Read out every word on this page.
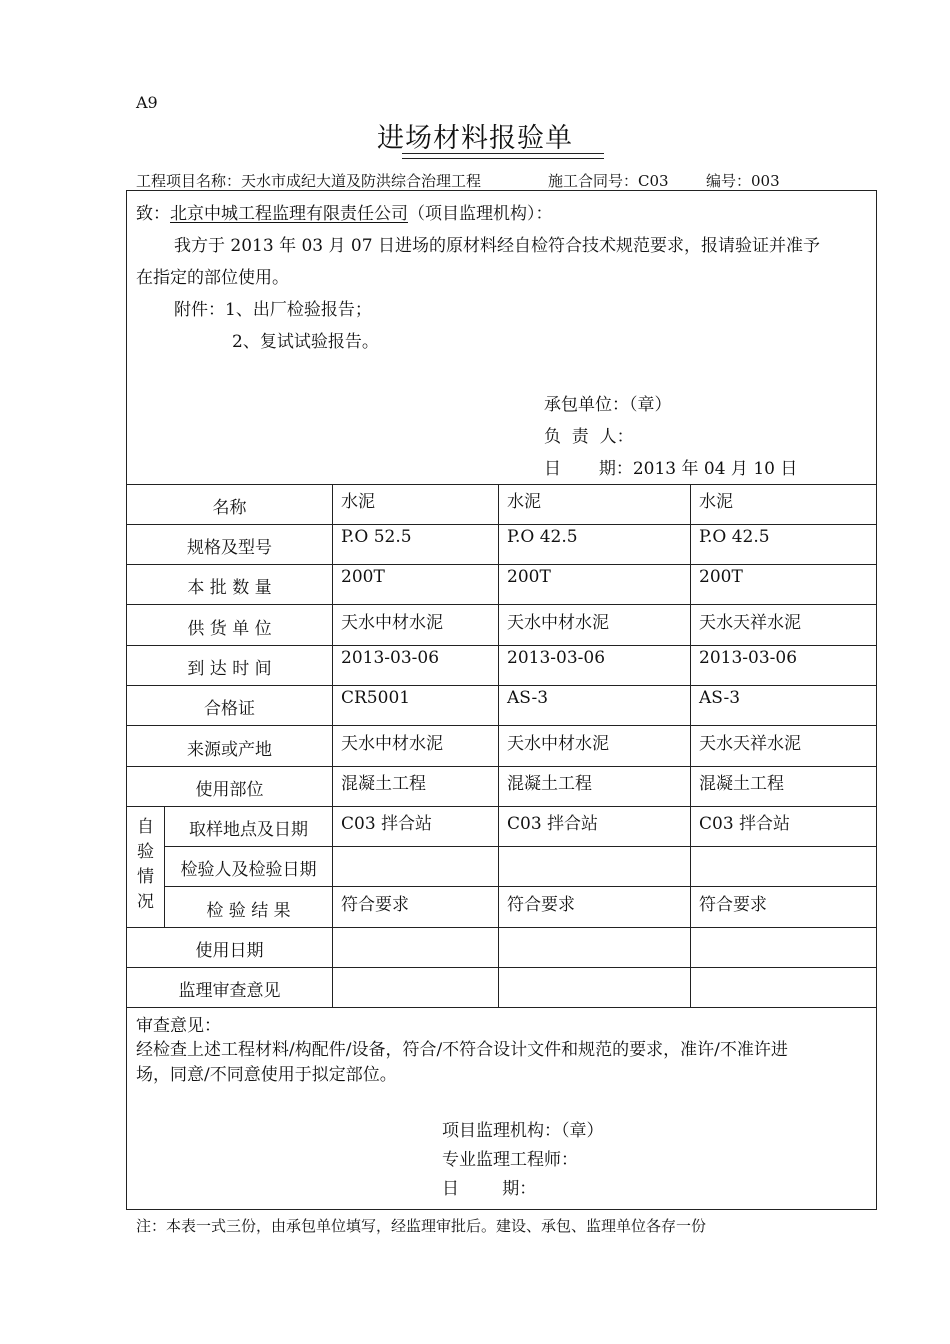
A9
进场材料报验单
工程项目名称：天水市成纪大道及防洪综合治理工程	施工合同号：C03 编号：003
致：北京中城工程监理有限责任公司（项目监理机构）：
我方于 2013 年 03 月 07 日进场的原材料经自检符合技术规范要求，报请验证并准予
在指定的部位使用。
附件：1、出厂检验报告；
2、复试试验报告。
承包单位：（章）
负  责  人：
日       期：2013 年 04 月 10 日
名称
规格及型号
本 批 数 量
供 货 单 位
到 达 时 间
合格证
来源或产地
使用部位
自
验
情
况
取样地点及日期
检验人及检验日期
检 验 结 果
使用日期
监理审查意见
水泥
P.O 52.5
200T
天水中材水泥
2013-03-06
CR5001
天水中材水泥
混凝土工程
C03 拌合站
符合要求
水泥
P.O 42.5
200T
天水中材水泥
2013-03-06
AS-3
天水中材水泥
混凝土工程
C03 拌合站
符合要求
水泥
P.O 42.5
200T
天水天祥水泥
2013-03-06
AS-3
天水天祥水泥
混凝土工程
C03 拌合站
符合要求
审查意见：
经检查上述工程材料/构配件/设备，符合/不符合设计文件和规范的要求，准许/不准许进
场，同意/不同意使用于拟定部位。
项目监理机构：（章）
专业监理工程师：
日        期：
注：本表一式三份，由承包单位填写，经监理审批后。建设、承包、监理单位各存一份
